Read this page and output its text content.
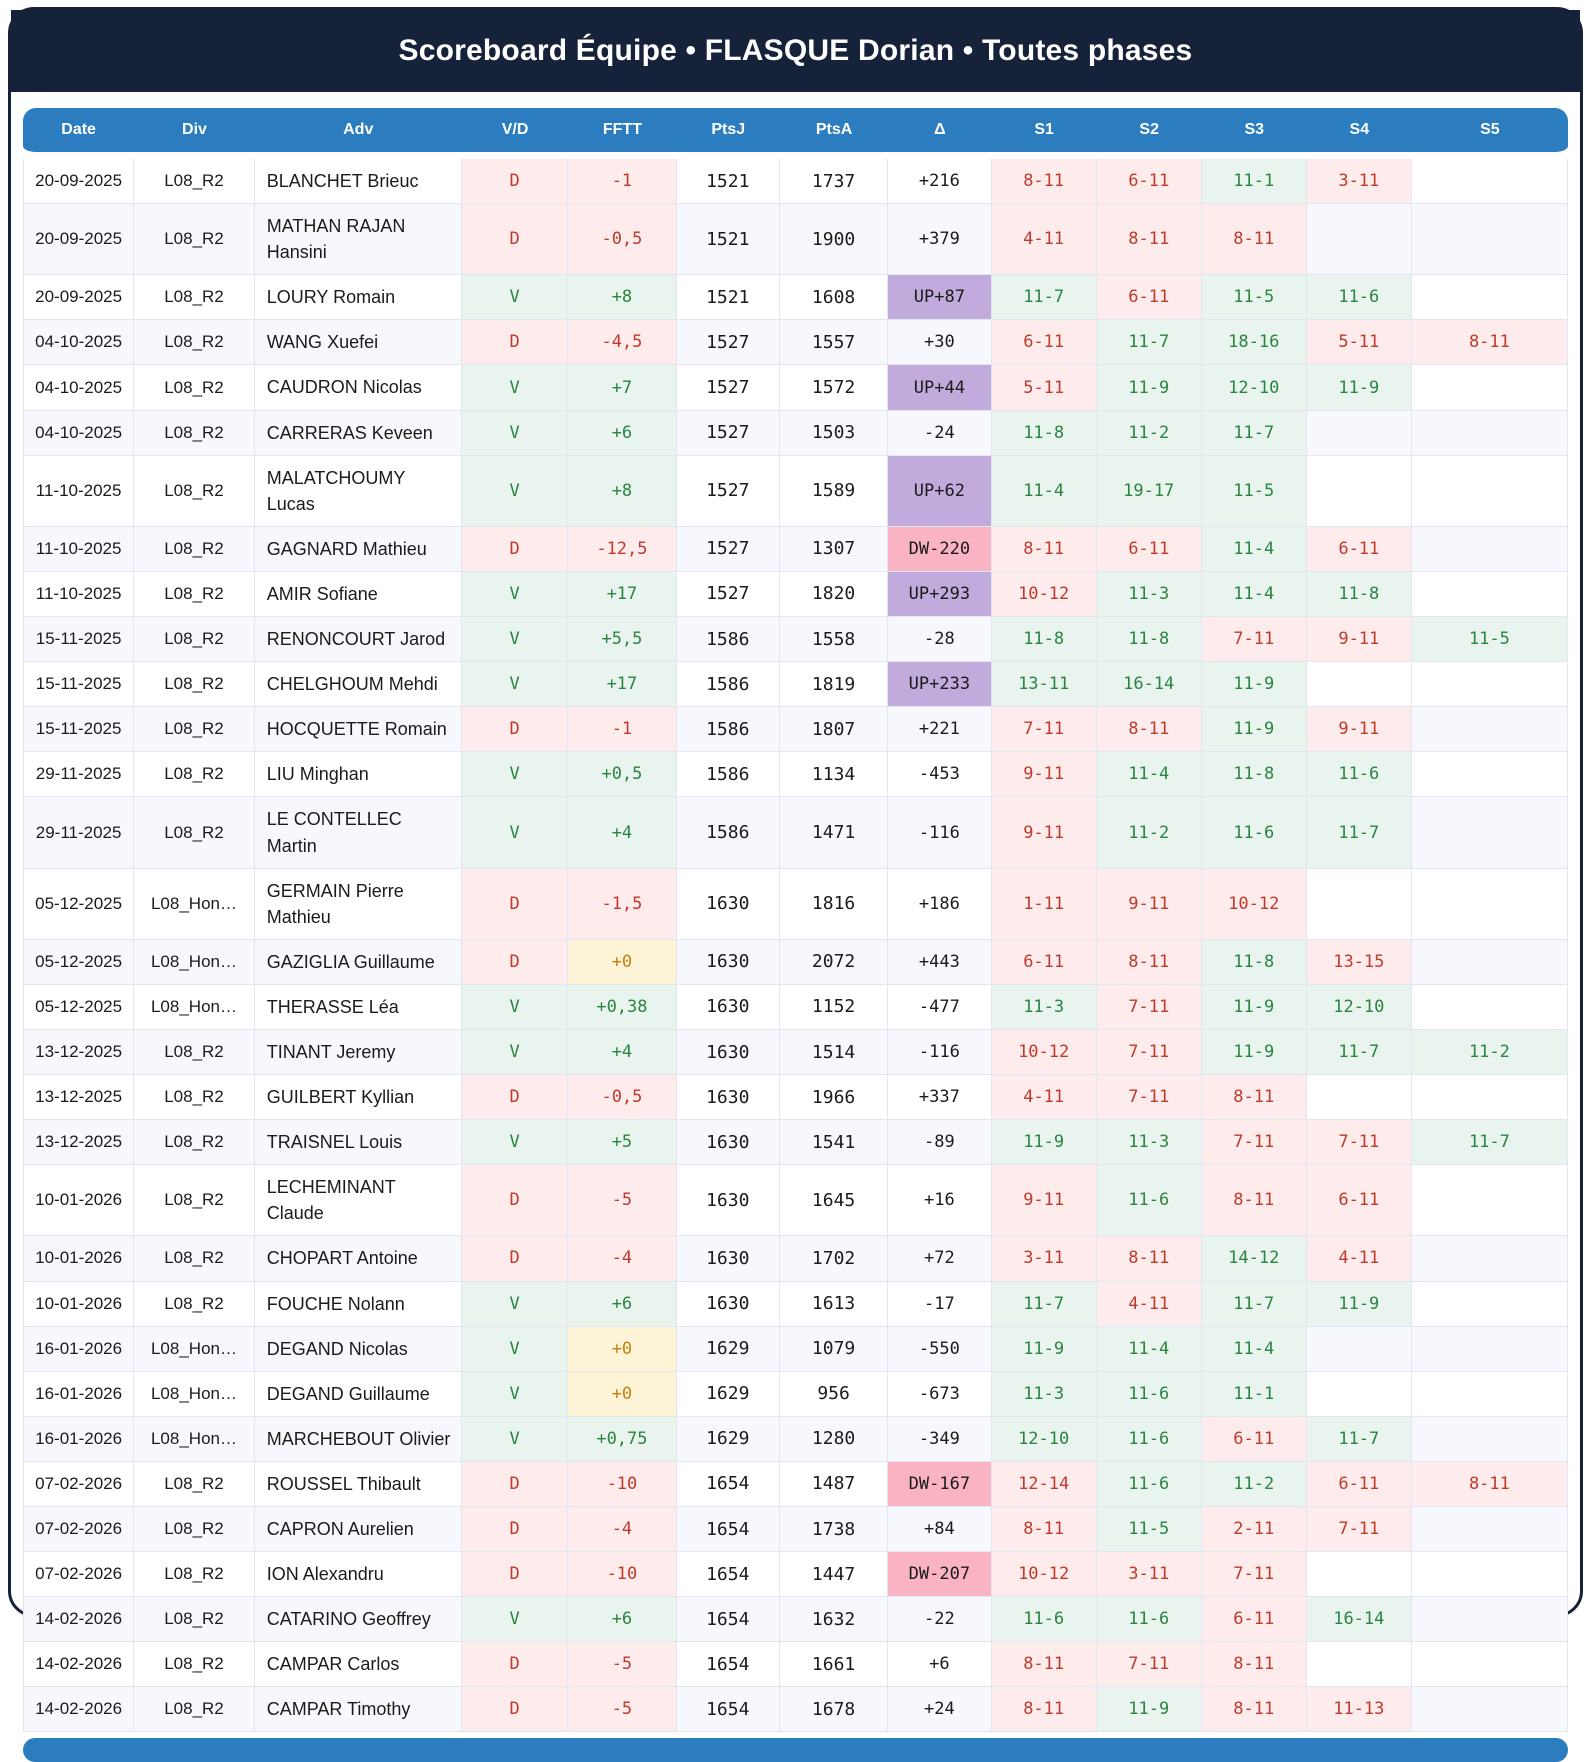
Scoreboard Équipe • FLASQUE Dorian • Toutes phases
Date	Div	Adv	V/D	FFTT	PtsJ	PtsA	Δ	S1	S2	S3	S4	S5
20-09-2025	L08_R2	BLANCHET Brieuc	D	-1	1521	1737	+216	8-11	6-11	11-1	3-11	
20-09-2025	L08_R2	MATHAN RAJAN Hansini	D	-0,5	1521	1900	+379	4-11	8-11	8-11		
20-09-2025	L08_R2	LOURY Romain	V	+8	1521	1608	UP+87	11-7	6-11	11-5	11-6	
04-10-2025	L08_R2	WANG Xuefei	D	-4,5	1527	1557	+30	6-11	11-7	18-16	5-11	8-11
04-10-2025	L08_R2	CAUDRON Nicolas	V	+7	1527	1572	UP+44	5-11	11-9	12-10	11-9	
04-10-2025	L08_R2	CARRERAS Keveen	V	+6	1527	1503	-24	11-8	11-2	11-7		
11-10-2025	L08_R2	MALATCHOUMY Lucas	V	+8	1527	1589	UP+62	11-4	19-17	11-5		
11-10-2025	L08_R2	GAGNARD Mathieu	D	-12,5	1527	1307	DW-220	8-11	6-11	11-4	6-11	
11-10-2025	L08_R2	AMIR Sofiane	V	+17	1527	1820	UP+293	10-12	11-3	11-4	11-8	
15-11-2025	L08_R2	RENONCOURT Jarod	V	+5,5	1586	1558	-28	11-8	11-8	7-11	9-11	11-5
15-11-2025	L08_R2	CHELGHOUM Mehdi	V	+17	1586	1819	UP+233	13-11	16-14	11-9		
15-11-2025	L08_R2	HOCQUETTE Romain	D	-1	1586	1807	+221	7-11	8-11	11-9	9-11	
29-11-2025	L08_R2	LIU Minghan	V	+0,5	1586	1134	-453	9-11	11-4	11-8	11-6	
29-11-2025	L08_R2	LE CONTELLEC Martin	V	+4	1586	1471	-116	9-11	11-2	11-6	11-7	
05-12-2025	L08_Hon…	GERMAIN Pierre Mathieu	D	-1,5	1630	1816	+186	1-11	9-11	10-12		
05-12-2025	L08_Hon…	GAZIGLIA Guillaume	D	+0	1630	2072	+443	6-11	8-11	11-8	13-15	
05-12-2025	L08_Hon…	THERASSE Léa	V	+0,38	1630	1152	-477	11-3	7-11	11-9	12-10	
13-12-2025	L08_R2	TINANT Jeremy	V	+4	1630	1514	-116	10-12	7-11	11-9	11-7	11-2
13-12-2025	L08_R2	GUILBERT Kyllian	D	-0,5	1630	1966	+337	4-11	7-11	8-11		
13-12-2025	L08_R2	TRAISNEL Louis	V	+5	1630	1541	-89	11-9	11-3	7-11	7-11	11-7
10-01-2026	L08_R2	LECHEMINANT Claude	D	-5	1630	1645	+16	9-11	11-6	8-11	6-11	
10-01-2026	L08_R2	CHOPART Antoine	D	-4	1630	1702	+72	3-11	8-11	14-12	4-11	
10-01-2026	L08_R2	FOUCHE Nolann	V	+6	1630	1613	-17	11-7	4-11	11-7	11-9	
16-01-2026	L08_Hon…	DEGAND Nicolas	V	+0	1629	1079	-550	11-9	11-4	11-4		
16-01-2026	L08_Hon…	DEGAND Guillaume	V	+0	1629	956	-673	11-3	11-6	11-1		
16-01-2026	L08_Hon…	MARCHEBOUT Olivier	V	+0,75	1629	1280	-349	12-10	11-6	6-11	11-7	
07-02-2026	L08_R2	ROUSSEL Thibault	D	-10	1654	1487	DW-167	12-14	11-6	11-2	6-11	8-11
07-02-2026	L08_R2	CAPRON Aurelien	D	-4	1654	1738	+84	8-11	11-5	2-11	7-11	
07-02-2026	L08_R2	ION Alexandru	D	-10	1654	1447	DW-207	10-12	3-11	7-11		
14-02-2026	L08_R2	CATARINO Geoffrey	V	+6	1654	1632	-22	11-6	11-6	6-11	16-14	
14-02-2026	L08_R2	CAMPAR Carlos	D	-5	1654	1661	+6	8-11	7-11	8-11		
14-02-2026	L08_R2	CAMPAR Timothy	D	-5	1654	1678	+24	8-11	11-9	8-11	11-13	
